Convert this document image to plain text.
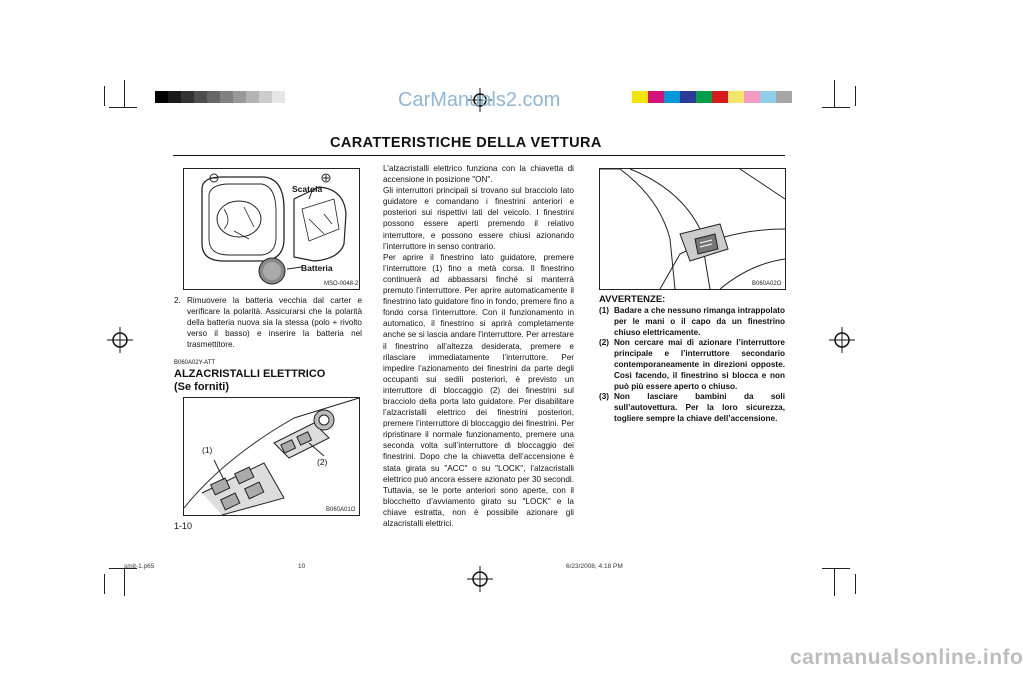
CarManuals2.com
CARATTERISTICHE DELLA VETTURA
Scatola
Batteria
MSO-0048-2
2. Rimuovere la batteria vecchia dal carter e verificare la polarità. Assicurarsi che la polarità della batteria nuova sia la stessa (polo + rivolto verso il basso) e inserire la batteria nel trasmettitore.
B060A02Y-ATT
ALZACRISTALLI ELETTRICO
(Se forniti)
(1)
(2)
B060A01O
1-10
L’alzacristalli elettrico funziona con la chiavetta di accensione in posizione "ON".
Gli interruttori principali si trovano sul bracciolo lato guidatore e comandano i finestrini anteriori e posteriori sui rispettivi lati del veicolo. I finestrini possono essere aperti premendo il relativo interruttore, e possono essere chiusi azionando l’interruttore in senso contrario.
Per aprire il finestrino lato guidatore, premere l’interruttore (1) fino a metà corsa. Il finestrino continuerà ad abbassarsi finché si manterrà premuto l’interruttore. Per aprire automaticamente il finestrino lato guidatore fino in fondo, premere fino a fondo corsa l’interruttore. Con il funzionamento in automatico, il finestrino si aprirà completamente anche se si lascia andare l’interruttore. Per arrestare il finestrino all’altezza desiderata, premere e rilasciare immediatamente l’interruttore. Per impedire l’azionamento dei finestrini da parte degli occupanti sui sedili posteriori, è previsto un interruttore di bloccaggio (2) dei finestrini sul bracciolo della porta lato guidatore. Per disabilitare l’alzacristalli elettrico dei finestrini posteriori, premere l’interruttore di bloccaggio dei finestrini. Per ripristinare il normale funzionamento, premere una seconda volta sull’interruttore di bloccaggio dei finestrini. Dopo che la chiavetta dell’accensione è stata girata su "ACC" o su "LOCK", l’alzacristalli elettrico può ancora essere azionato per 30 secondi. Tuttavia, se le porte anteriori sono aperte, con il blocchetto d’avviamento girato su "LOCK" e la chiave estratta, non è possibile azionare gli alzacristalli elettrici.
B060A02O
AVVERTENZE:
(1) Badare a che nessuno rimanga intrappolato per le mani o il capo da un finestrino chiuso elettricamente.
(2) Non cercare mai di azionare l’interruttore principale e l’interruttore secondario contemporaneamente in direzioni opposte. Così facendo, il finestrino si blocca e non può più essere aperto o chiuso.
(3) Non lasciare bambini da soli sull’autovettura. Per la loro sicurezza, togliere sempre la chiave dell’accensione.
smit-1.p65	10	6/23/2008, 4:18 PM
carmanualsonline.info
